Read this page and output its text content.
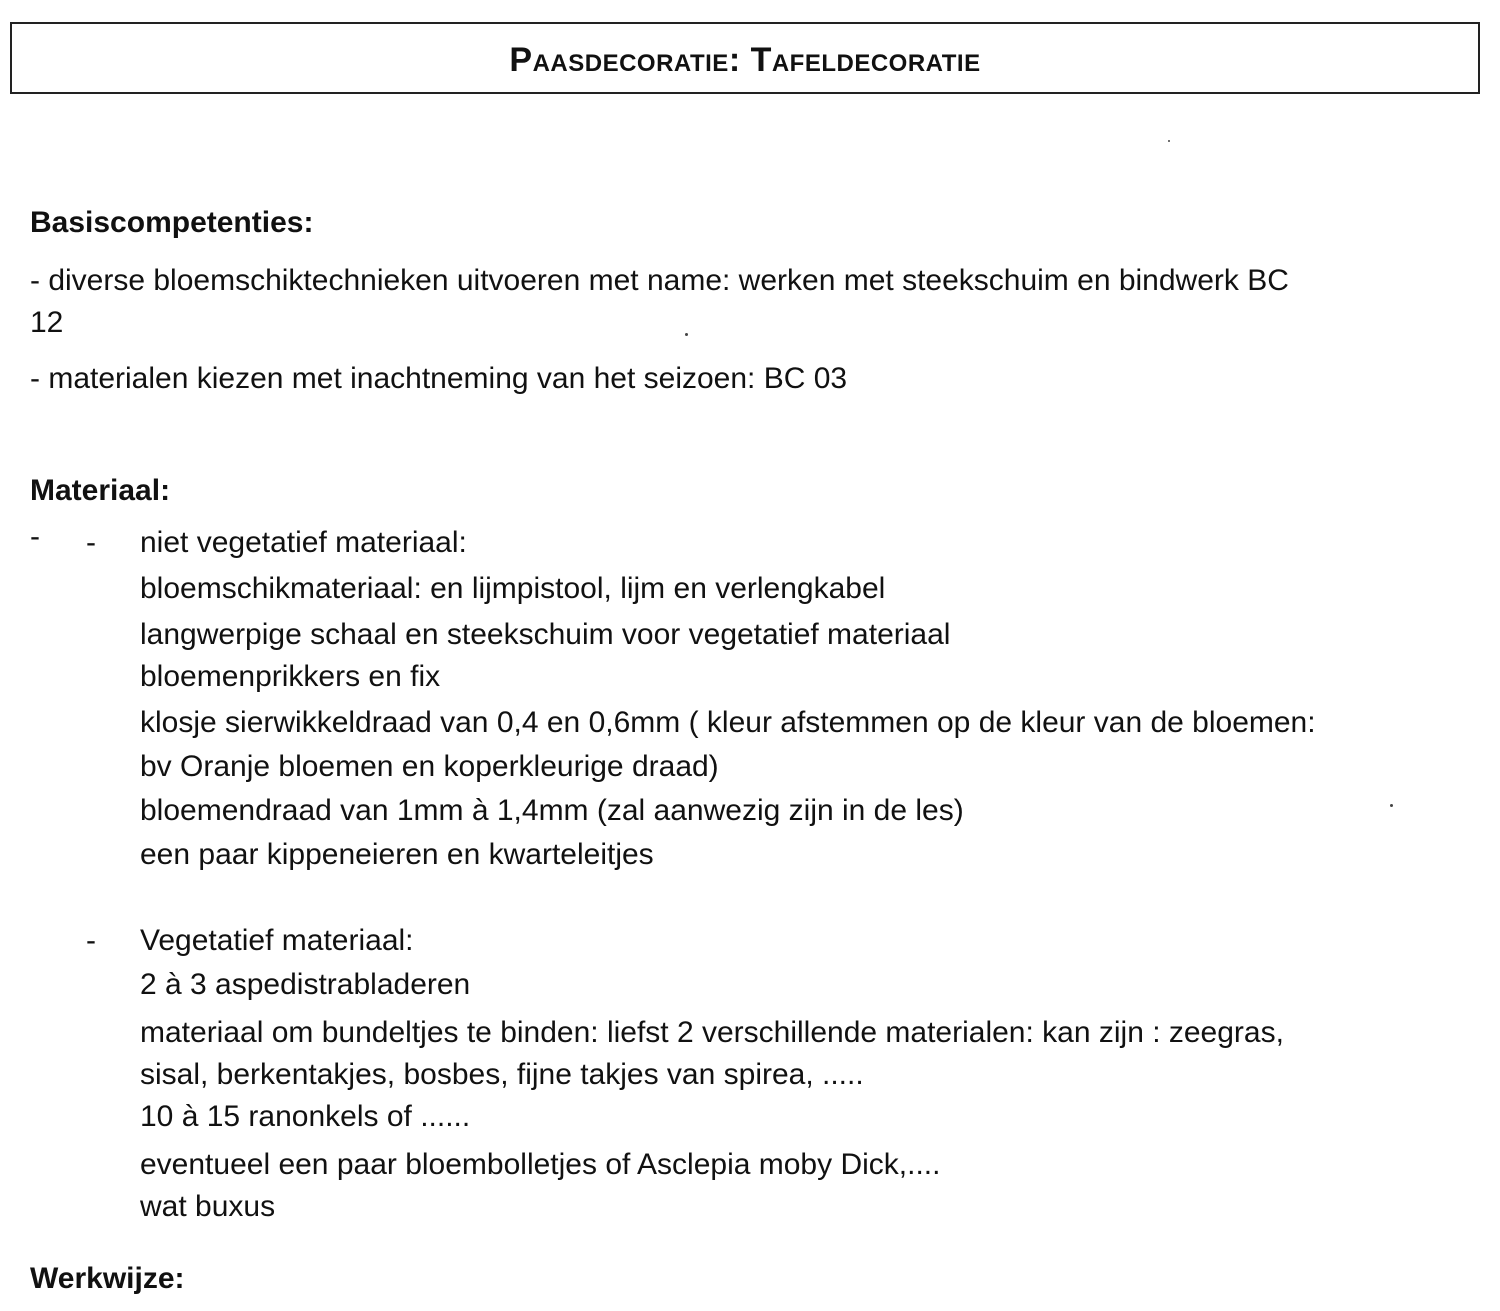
Paasdecoratie: Tafeldecoratie
Basiscompetenties:

- diverse bloemschiktechnieken uitvoeren met name: werken met steekschuim en bindwerk BC

12

- materialen kiezen met inachtneming van het seizoen: BC 03

Materiaal:
- - niet vegetatief materiaal:

bloemschikmateriaal: en lijmpistool, lijm en verlengkabel

langwerpige schaal en steekschuim voor vegetatief materiaal

bloemenprikkers en fix

klosje sierwikkeldraad van 0,4 en 0,6mm ( kleur afstemmen op de kleur van de bloemen:

bv Oranje bloemen en koperkleurige draad)

bloemendraad van 1mm à 1,4mm (zal aanwezig zijn in de les)

een paar kippeneieren en kwarteleitjes

- Vegetatief materiaal:

2 à 3 aspedistrabladeren

materiaal om bundeltjes te binden: liefst 2 verschillende materialen: kan zijn : zeegras,

sisal, berkentakjes, bosbes, fijne takjes van spirea, .....

10 à 15 ranonkels of ......

eventueel een paar bloembolletjes of Asclepia moby Dick,....

wat buxus

Werkwijze:
